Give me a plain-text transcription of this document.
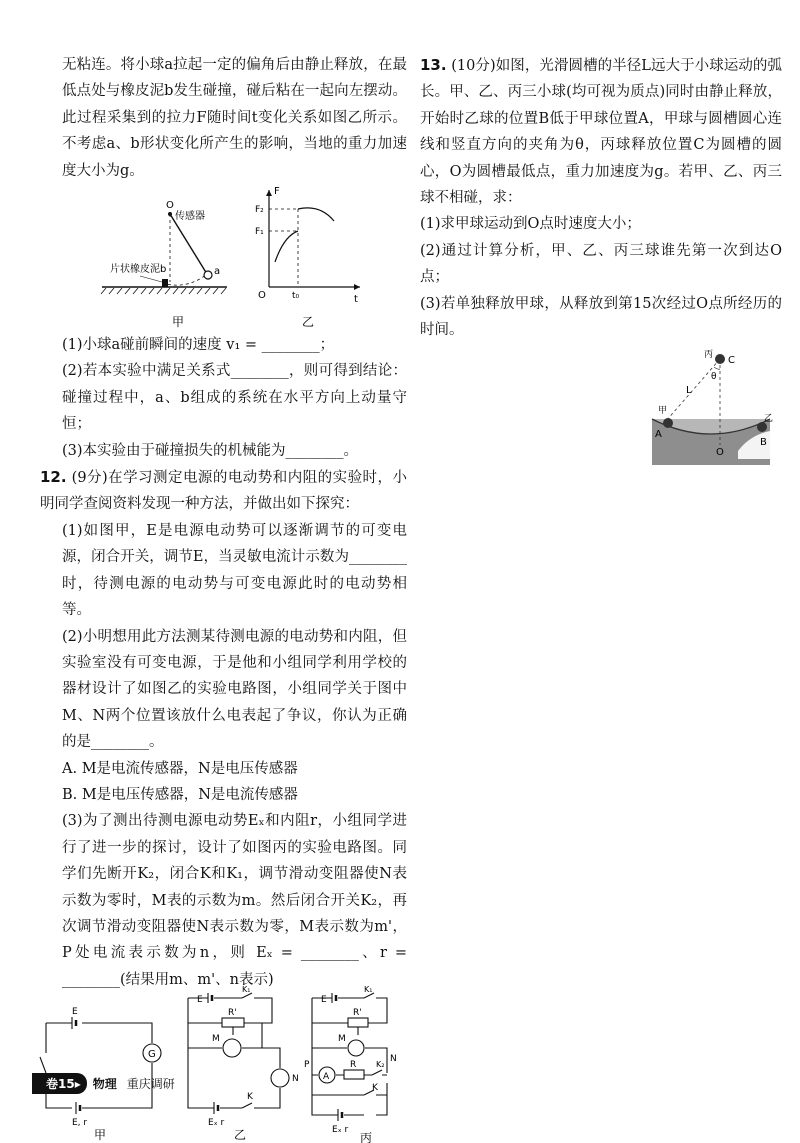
无粘连。将小球a拉起一定的偏角后由静止释放，在最低点处与橡皮泥b发生碰撞，碰后粘在一起向左摆动。此过程采集到的拉力F随时间t变化关系如图乙所示。不考虑a、b形状变化所产生的影响，当地的重力加速度大小为g。

O
传感器
a
片状橡皮泥b
甲
F
t
O
F₂
F₁
t₀
乙

(1)小球a碰前瞬间的速度 v₁ = ________；

(2)若本实验中满足关系式________，则可得到结论：碰撞过程中，a、b组成的系统在水平方向上动量守恒；

(3)本实验由于碰撞损失的机械能为________。

12. (9分)在学习测定电源的电动势和内阻的实验时，小明同学查阅资料发现一种方法，并做出如下探究：

(1)如图甲，E是电源电动势可以逐渐调节的可变电源，闭合开关，调节E，当灵敏电流计示数为________时，待测电源的电动势与可变电源此时的电动势相等。

(2)小明想用此方法测某待测电源的电动势和内阻，但实验室没有可变电源，于是他和小组同学利用学校的器材设计了如图乙的实验电路图，小组同学关于图中M、N两个位置该放什么电表起了争议，你认为正确的是________。

A. M是电流传感器，N是电压传感器

B. M是电压传感器，N是电流传感器

(3)为了测出待测电源电动势Eₓ和内阻r，小组同学进行了进一步的探讨，设计了如图丙的实验电路图。同学们先断开K₂，闭合K和K₁，调节滑动变阻器使N表示数为零时，M表的示数为m。然后闭合开关K₂，再次调节滑动变阻器使N表示数为零，M表示数为m'，P处电流表示数为n，则 Eₓ = ________、r = ________(结果用m、m'、n表示)

E
G
E, r
甲
E
K₁
R'
M
N
K
Eₓ r
乙
E
K₁
R'
M
N
P
A
R K₂
K
Eₓ r
丙

13. (10分)如图，光滑圆槽的半径L远大于小球运动的弧长。甲、乙、丙三小球(均可视为质点)同时由静止释放，开始时乙球的位置B低于甲球位置A，甲球与圆槽圆心连线和竖直方向的夹角为θ，丙球释放位置C为圆槽的圆心，O为圆槽最低点，重力加速度为g。若甲、乙、丙三球不相碰，求：

(1)求甲球运动到O点时速度大小；

(2)通过计算分析，甲、乙、丙三球谁先第一次到达O点；

(3)若单独释放甲球，从释放到第15次经过O点所经历的时间。

丙 C
θ
L
甲
A
O
乙
B
卷15▸	物理 重庆调研
